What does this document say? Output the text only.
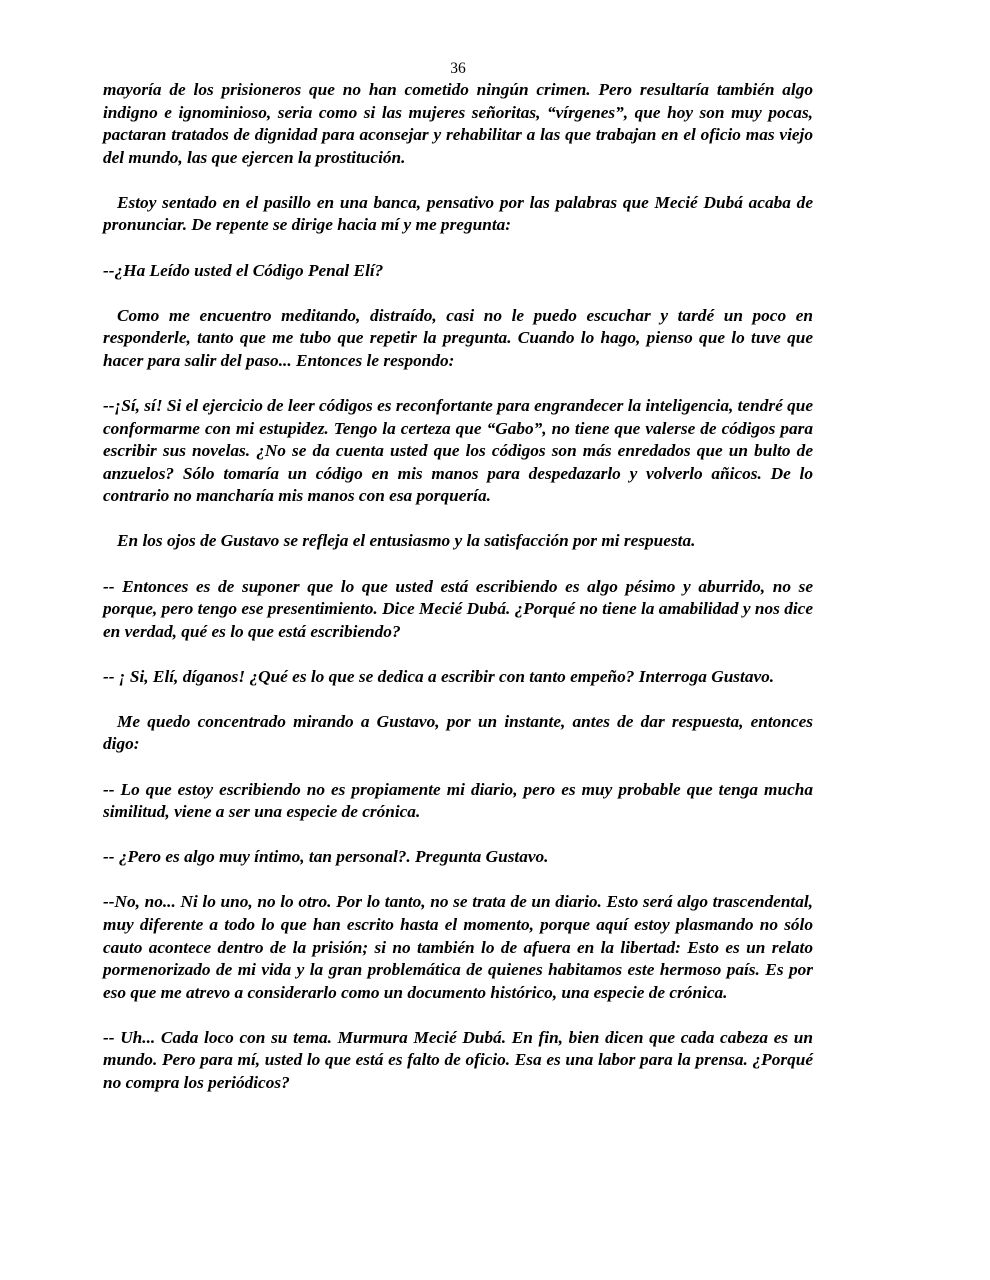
36

mayoría de los prisioneros que no han cometido ningún crimen. Pero resultaría también algo indigno e ignominioso, seria como si las mujeres señoritas, “vírgenes”, que hoy son muy pocas, pactaran tratados de dignidad para aconsejar y rehabilitar a las que trabajan en el oficio mas viejo del mundo, las que ejercen la prostitución.

Estoy sentado en el pasillo en una banca, pensativo por las palabras que Mecié Dubá acaba de pronunciar. De repente se dirige hacia mí y me pregunta:

--¿Ha Leído usted el Código Penal Elí?

Como me encuentro meditando, distraído, casi no le puedo escuchar y tardé un poco en responderle, tanto que me tubo que repetir la pregunta. Cuando lo hago, pienso que lo tuve que hacer para salir del paso... Entonces le respondo:

--¡Sí, sí! Si el ejercicio de leer códigos es reconfortante para engrandecer la inteligencia, tendré que conformarme con mi estupidez. Tengo la certeza que “Gabo”, no tiene que valerse de códigos para escribir sus novelas. ¿No se da cuenta usted que los códigos son más enredados que un bulto de anzuelos? Sólo tomaría un código en mis manos para despedazarlo y volverlo añicos. De lo contrario no mancharía mis manos con esa porquería.

En los ojos de Gustavo se refleja el entusiasmo y la satisfacción por mi respuesta.

-- Entonces es de suponer que lo que usted está escribiendo es algo pésimo y aburrido, no se porque, pero tengo ese presentimiento. Dice Mecié Dubá. ¿Porqué no tiene la amabilidad y nos dice en verdad, qué es lo que está escribiendo?

-- ¡ Si, Elí, díganos! ¿Qué es lo que se dedica a escribir con tanto empeño? Interroga Gustavo.

Me quedo concentrado mirando a Gustavo, por un instante, antes de dar respuesta, entonces digo:

-- Lo que estoy escribiendo no es propiamente mi diario, pero es muy probable que tenga mucha similitud, viene a ser una especie de crónica.

-- ¿Pero es algo muy íntimo, tan personal?. Pregunta Gustavo.

--No, no... Ni lo uno, no lo otro. Por lo tanto, no se trata de un diario. Esto será algo trascendental, muy diferente a todo lo que han escrito hasta el momento, porque aquí estoy plasmando no sólo cauto acontece dentro de la prisión; si no también lo de afuera en la libertad: Esto es un relato pormenorizado de mi vida y la gran problemática de quienes habitamos este hermoso país. Es por eso que me atrevo a considerarlo como un documento histórico, una especie de crónica.

-- Uh... Cada loco con su tema. Murmura Mecié Dubá. En fin, bien dicen que cada cabeza es un mundo. Pero para mí, usted lo que está es falto de oficio. Esa es una labor para la prensa. ¿Porqué no compra los periódicos?
